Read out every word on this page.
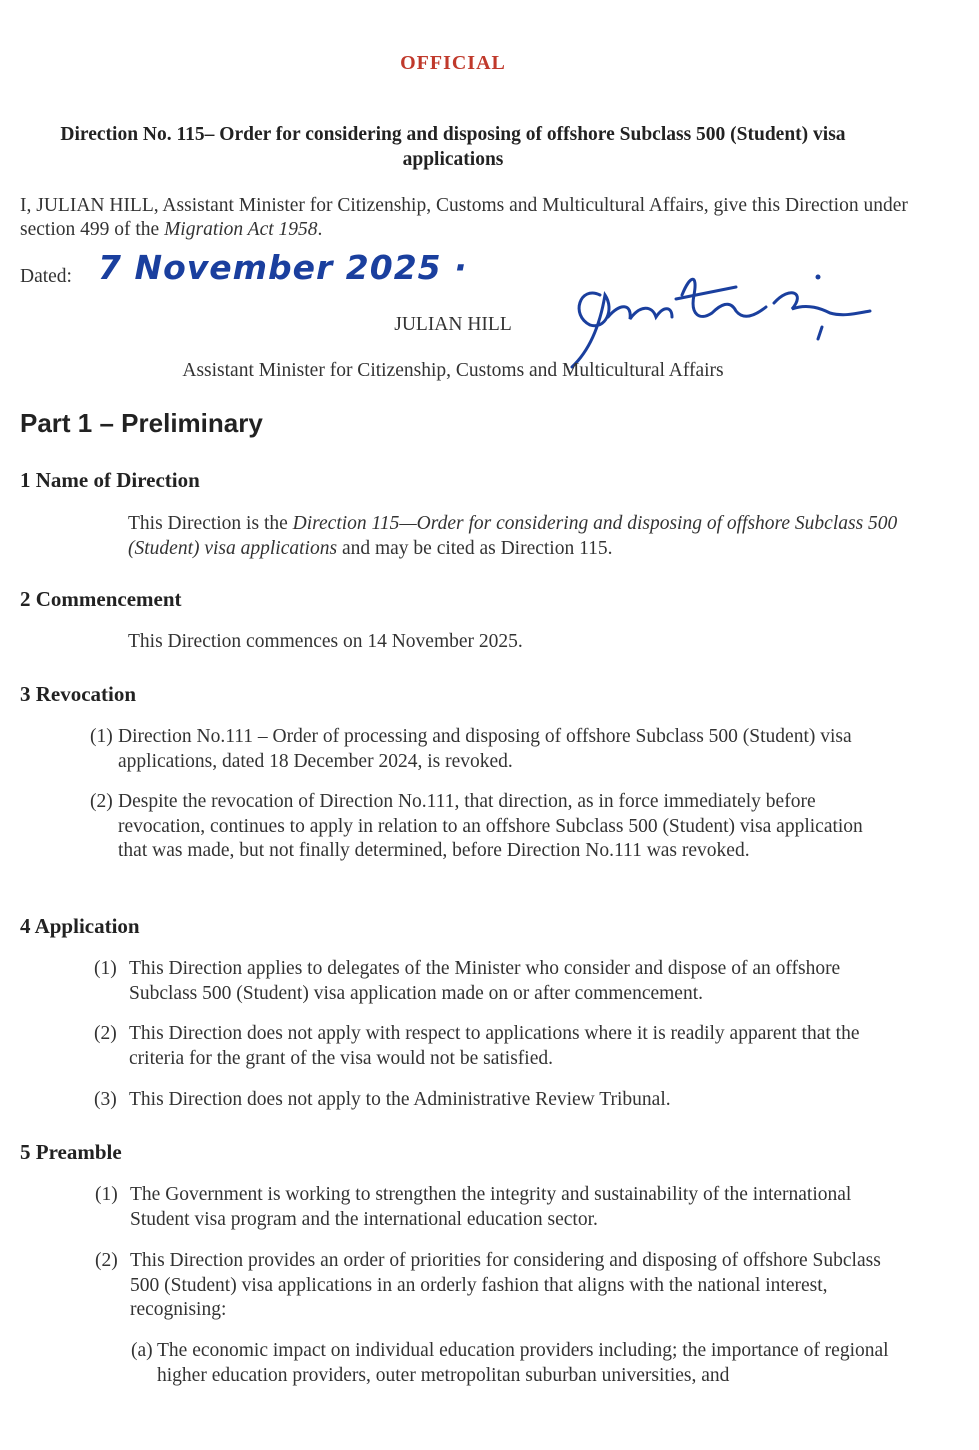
OFFICIAL
Direction No. 115– Order for considering and disposing of offshore Subclass 500 (Student) visa applications
I, JULIAN HILL, Assistant Minister for Citizenship, Customs and Multicultural Affairs, give this Direction under section 499 of the Migration Act 1958.
Dated: 7 November 2025 ·
JULIAN HILL
Assistant Minister for Citizenship, Customs and Multicultural Affairs
Part 1 – Preliminary
1 Name of Direction
This Direction is the Direction 115—Order for considering and disposing of offshore Subclass 500 (Student) visa applications and may be cited as Direction 115.
2 Commencement
This Direction commences on 14 November 2025.
3 Revocation
(1) Direction No.111 – Order of processing and disposing of offshore Subclass 500 (Student) visa applications, dated 18 December 2024, is revoked.
(2) Despite the revocation of Direction No.111, that direction, as in force immediately before revocation, continues to apply in relation to an offshore Subclass 500 (Student) visa application that was made, but not finally determined, before Direction No.111 was revoked.
4 Application
(1) This Direction applies to delegates of the Minister who consider and dispose of an offshore Subclass 500 (Student) visa application made on or after commencement.
(2) This Direction does not apply with respect to applications where it is readily apparent that the criteria for the grant of the visa would not be satisfied.
(3) This Direction does not apply to the Administrative Review Tribunal.
5 Preamble
(1) The Government is working to strengthen the integrity and sustainability of the international Student visa program and the international education sector.
(2) This Direction provides an order of priorities for considering and disposing of offshore Subclass 500 (Student) visa applications in an orderly fashion that aligns with the national interest, recognising:
(a) The economic impact on individual education providers including; the importance of regional higher education providers, outer metropolitan suburban universities, and
